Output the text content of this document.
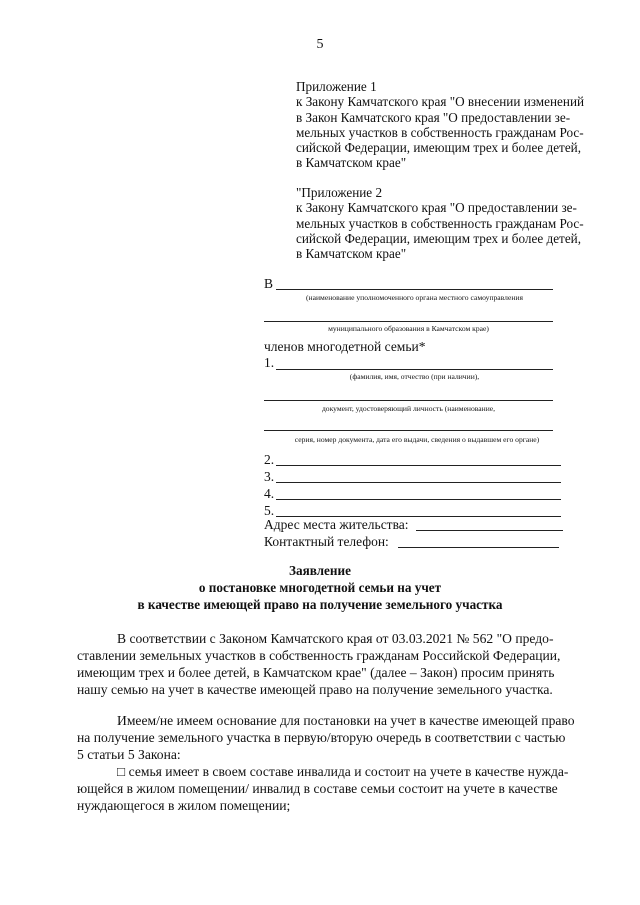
5
Приложение 1
к Закону Камчатского края "О внесении изменений
в Закон Камчатского края "О предоставлении зе-
мельных участков в собственность гражданам Рос-
сийской Федерации, имеющим трех и более детей,
в Камчатском крае"
"Приложение 2
к Закону Камчатского края "О предоставлении зе-
мельных участков в собственность гражданам Рос-
сийской Федерации, имеющим трех и более детей,
в Камчатском крае"
В
(наименование уполномоченного органа местного самоуправления
муниципального образования в Камчатском крае)
членов многодетной семьи*
1.
(фамилия, имя, отчество (при наличии),
документ, удостоверяющий личность (наименование,
серия, номер документа, дата его выдачи, сведения о выдавшем его органе)
2.
3.
4.
5.
Адрес места жительства:
Контактный телефон:
Заявление
о постановке многодетной семьи на учет
в качестве имеющей право на получение земельного участка
В соответствии с Законом Камчатского края от 03.03.2021 № 562 "О предо-
ставлении земельных участков в собственность гражданам Российской Федерации,
имеющим трех и более детей, в Камчатском крае" (далее – Закон) просим принять
нашу семью на учет в качестве имеющей право на получение земельного участка.
Имеем/не имеем основание для постановки на учет в качестве имеющей право
на получение земельного участка в первую/вторую очередь в соответствии с частью
5 статьи 5 Закона:
□ семья имеет в своем составе инвалида и состоит на учете в качестве нужда-
ющейся в жилом помещении/ инвалид в составе семьи состоит на учете в качестве
нуждающегося в жилом помещении;
